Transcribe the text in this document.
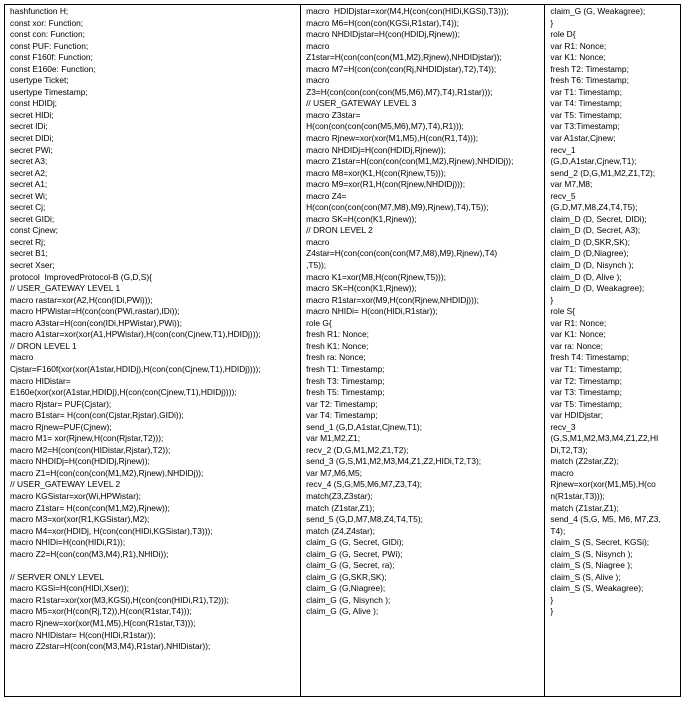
hashfunction H;
const xor: Function;
const con: Function;
const PUF: Function;
const F160f: Function;
const E160e: Function;
usertype Ticket;
usertype Timestamp;
const HDIDj;
secret HIDi;
secret IDi;
secret DIDi;
secret PWi;
secret A3;
secret A2;
secret A1;
secret Wi;
secret Cj;
secret GIDi;
const Cjnew;
secret Rj;
secret B1;
secret Xser;
protocol  ImprovedProtocol-B (G,D,S){
// USER_GATEWAY LEVEL 1
macro rastar=xor(A2,H(con(IDi,PWi)));
macro HPWistar=H(con(con(PWi,rastar),IDi));
macro A3star=H(con(con(IDi,HPWistar),PWi));
macro A1star=xor(xor(A1,HPWistar),H(con(con(Cjnew,T1),HDIDj)));
// DRON LEVEL 1
macro
Cjstar=F160f(xor(xor(A1star,HDIDj),H(con(con(Cjnew,T1),HDIDj))));
macro HIDistar=
E160e(xor(xor(A1star,HDIDj),H(con(con(Cjnew,T1),HDIDj))));
macro Rjstar= PUF(Cjstar);
macro B1star= H(con(con(Cjstar,Rjstar),GIDi));
macro Rjnew=PUF(Cjnew);
macro M1= xor(Rjnew,H(con(Rjstar,T2)));
macro M2=H(con(con(HIDistar,Rjstar),T2));
macro NHDIDj=H(con(HDIDj,Rjnew));
macro Z1=H(con(con(con(M1,M2),Rjnew),NHDIDj));
// USER_GATEWAY LEVEL 2
macro KGSistar=xor(Wi,HPWistar);
macro Z1star= H(con(con(M1,M2),Rjnew));
macro M3=xor(xor(R1,KGSistar),M2);
macro M4=xor(HDIDj, H(con(con(HIDi,KGSistar),T3)));
macro NHIDi=H(con(HIDi,R1));
macro Z2=H(con(con(M3,M4),R1),NHIDi));
// SERVER ONLY LEVEL
macro KGSi=H(con(HIDi,Xser));
macro R1star=xor(xor(M3,KGSi),H(con(con(HIDi,R1),T2)));
macro M5=xor(H(con(Rj,T2)),H(con(R1star,T4)));
macro Rjnew=xor(xor(M1,M5),H(con(R1star,T3)));
macro NHIDistar= H(con(HIDi,R1star));
macro Z2star=H(con(con(M3,M4),R1star),NHIDistar));
macro  HDIDjstar=xor(M4,H(con(con(HIDi,KGSi),T3)));
macro M6=H(con(con(KGSi,R1star),T4));
macro NHDIDjstar=H(con(HDIDj,Rjnew));
macro
Z1star=H(con(con(con(M1,M2),Rjnew),NHDIDjstar));
macro M7=H(con(con(con(Rj,NHDIDjstar),T2),T4));
macro
Z3=H(con(con(con(con(M5,M6),M7),T4),R1star)));
// USER_GATEWAY LEVEL 3
macro Z3star=
H(con(con(con(con(M5,M6),M7),T4),R1)));
macro Rjnew=xor(xor(M1,M5),H(con(R1,T4)));
macro NHDIDj=H(con(HDIDj,Rjnew));
macro Z1star=H(con(con(con(M1,M2),Rjnew),NHDIDj));
macro M8=xor(K1,H(con(Rjnew,T5)));
macro M9=xor(R1,H(con(Rjnew,NHDIDj)));
macro Z4=
H(con(con(con(con(M7,M8),M9),Rjnew),T4),T5));
macro SK=H(con(K1,Rjnew));
// DRON LEVEL 2
macro
Z4star=H(con(con(con(con(M7,M8),M9),Rjnew),T4)
,T5));
macro K1=xor(M8,H(con(Rjnew,T5)));
macro SK=H(con(K1,Rjnew));
macro R1star=xor(M9,H(con(Rjnew,NHDIDj)));
macro NHIDi= H(con(HIDi,R1star));
role G{
fresh R1: Nonce;
fresh K1: Nonce;
fresh ra: Nonce;
fresh T1: Timestamp;
fresh T3: Timestamp;
fresh T5: Timestamp;
var T2: Timestamp;
var T4: Timestamp;
send_1 (G,D,A1star,Cjnew,T1);
var M1,M2,Z1;
recv_2 (D,G,M1,M2,Z1,T2);
send_3 (G,S,M1,M2,M3,M4,Z1,Z2,HIDi,T2,T3);
var M7,M6,M5;
recv_4 (S,G,M5,M6,M7,Z3,T4);
match(Z3,Z3star);
match (Z1star,Z1);
send_5 (G,D,M7,M8,Z4,T4,T5);
match (Z4,Z4star);
claim_G (G, Secret, GIDi);
claim_G (G, Secret, PWi);
claim_G (G, Secret, ra);
claim_G (G,SKR,SK);
claim_G (G,Niagree);
claim_G (G, Nisynch );
claim_G (G, Alive );
claim_G (G, Weakagree);
}
role D{
var R1: Nonce;
var K1: Nonce;
fresh T2: Timestamp;
fresh T6: Timestamp;
var T1: Timestamp;
var T4: Timestamp;
var T5: Timestamp;
var T3:Timestamp;
var A1star,Cjnew;
recv_1
(G,D,A1star,Cjnew,T1);
send_2 (D,G,M1,M2,Z1,T2);
var M7,M8;
recv_5
(G,D,M7,M8,Z4,T4,T5);
claim_D (D, Secret, DIDi);
claim_D (D, Secret, A3);
claim_D (D,SKR,SK);
claim_D (D,Niagree);
claim_D (D, Nisynch );
claim_D (D, Alive );
claim_D (D, Weakagree);
}
role S{
var R1: Nonce;
var K1: Nonce;
var ra: Nonce;
fresh T4: Timestamp;
var T1: Timestamp;
var T2: Timestamp;
var T3: Timestamp;
var T5: Timestamp;
var HDIDjstar;
recv_3
(G,S,M1,M2,M3,M4,Z1,Z2,HI
Di,T2,T3);
match (Z2star,Z2);
macro
Rjnew=xor(xor(M1,M5),H(co
n(R1star,T3)));
match (Z1star,Z1);
send_4 (S,G, M5, M6, M7,Z3,
T4);
claim_S (S, Secret, KGSi);
claim_S (S, Nisynch );
claim_S (S, Niagree );
claim_S (S, Alive );
claim_S (S, Weakagree);
}
}
